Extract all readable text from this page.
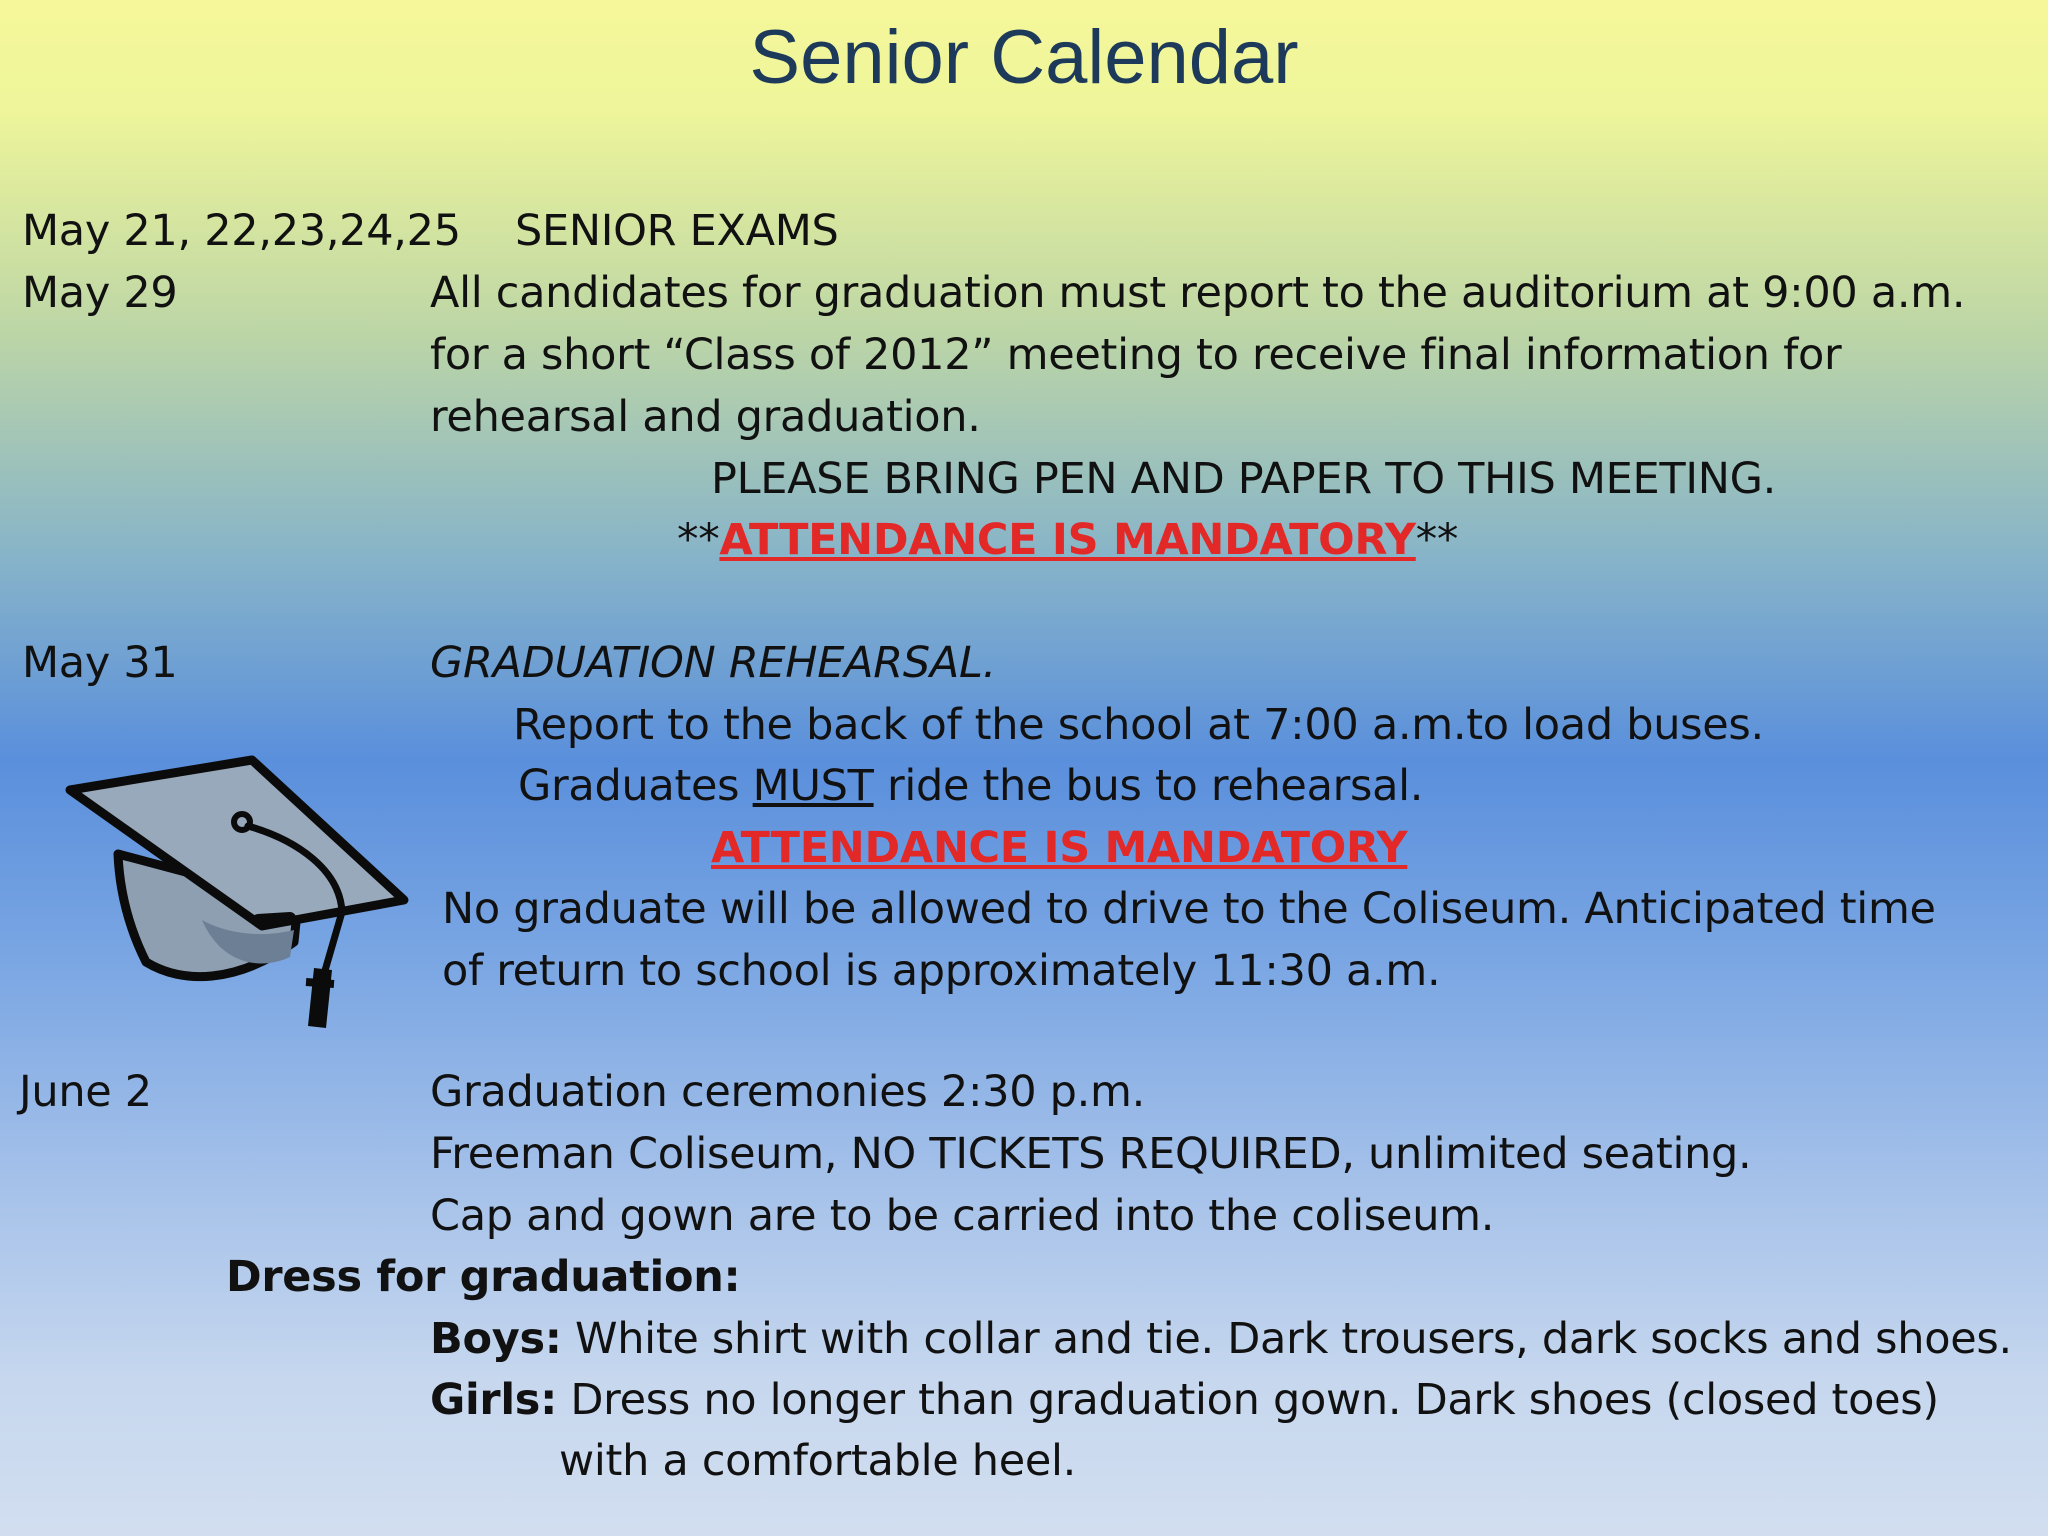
Senior Calendar
May 21, 22,23,24,25 SENIOR EXAMS
May 29	All candidates for graduation must report to the auditorium at 9:00 a.m.
for a short “Class of 2012” meeting to receive final information for
rehearsal and graduation.
PLEASE BRING PEN AND PAPER TO THIS MEETING.
**ATTENDANCE IS MANDATORY**
May 31	GRADUATION REHEARSAL.
Report to the back of the school at 7:00 a.m.to load buses.
Graduates MUST ride the bus to rehearsal.
ATTENDANCE IS MANDATORY
No graduate will be allowed to drive to the Coliseum. Anticipated time
of return to school is approximately 11:30 a.m.
June 2	Graduation ceremonies 2:30 p.m.
Freeman Coliseum, NO TICKETS REQUIRED, unlimited seating.
Cap and gown are to be carried into the coliseum.
Dress for graduation:
Boys: White shirt with collar and tie. Dark trousers, dark socks and shoes.
Girls: Dress no longer than graduation gown. Dark shoes (closed toes)
with a comfortable heel.
